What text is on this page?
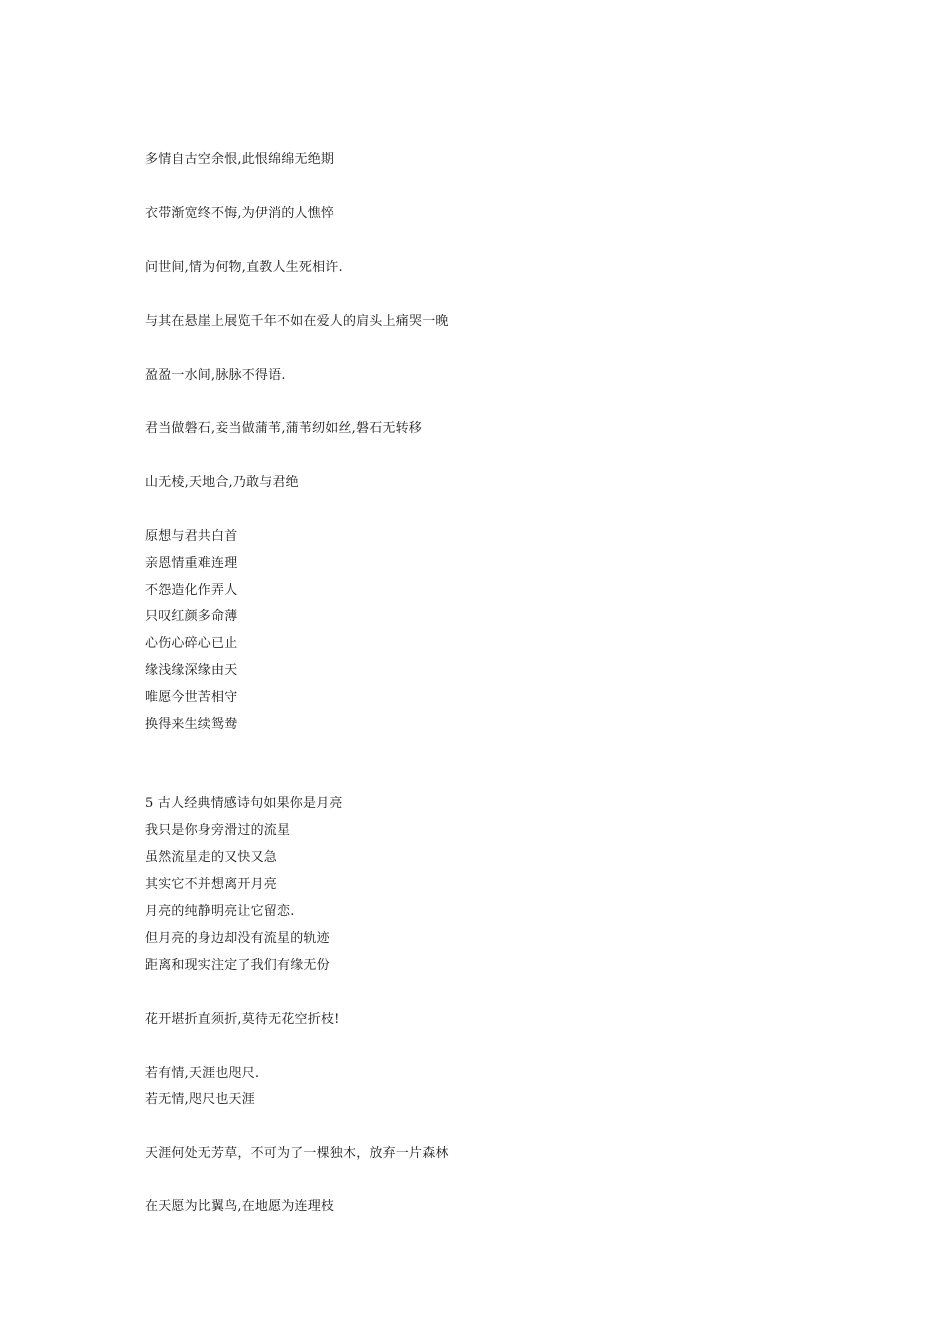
多情自古空余恨,此恨绵绵无绝期
衣带渐宽终不悔,为伊消的人憔悴
问世间,情为何物,直教人生死相许.
与其在悬崖上展览千年不如在爱人的肩头上痛哭一晚
盈盈一水间,脉脉不得语.
君当做磐石,妾当做蒲苇,蒲苇纫如丝,磐石无转移
山无棱,天地合,乃敢与君绝
原想与君共白首
亲恩情重难连理
不怨造化作弄人
只叹红颜多命薄
心伤心碎心已止
缘浅缘深缘由天
唯愿今世苦相守
换得来生续鸳鸯
5 古人经典情感诗句如果你是月亮
我只是你身旁滑过的流星
虽然流星走的又快又急
其实它不并想离开月亮
月亮的纯静明亮让它留恋.
但月亮的身边却没有流星的轨迹
距离和现实注定了我们有缘无份
花开堪折直须折,莫待无花空折枝!
若有情,天涯也咫尺.
若无情,咫尺也天涯
天涯何处无芳草，不可为了一棵独木，放弃一片森林
在天愿为比翼鸟,在地愿为连理枝
